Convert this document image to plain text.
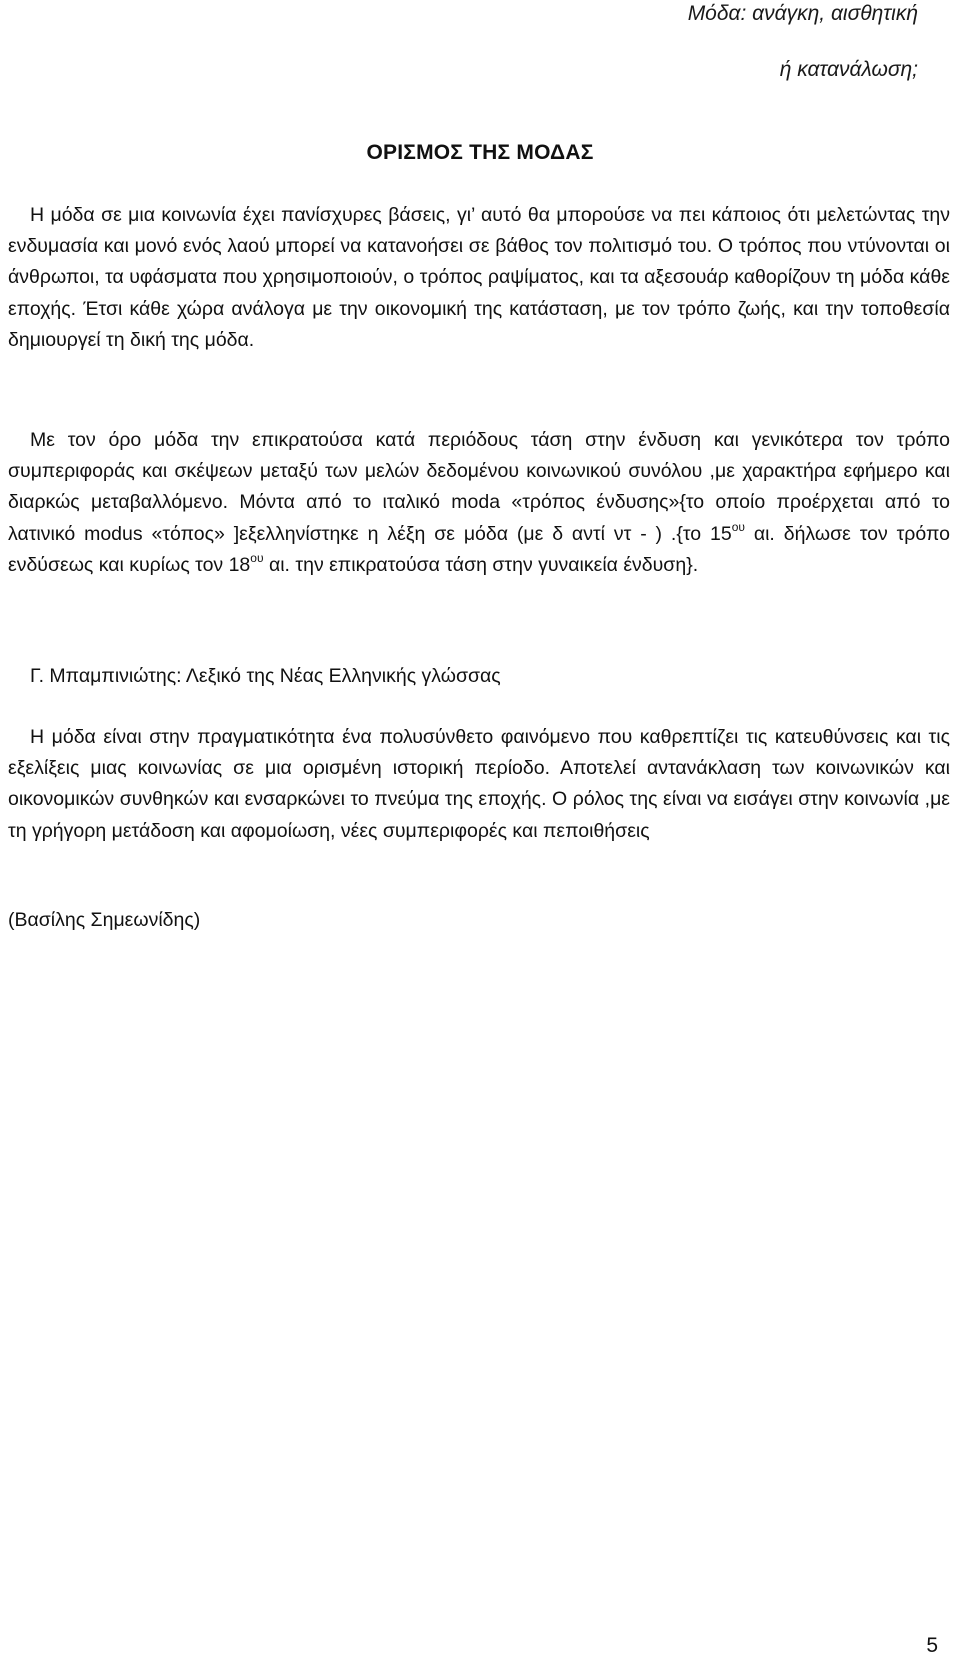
Μόδα: ανάγκη, αισθητική
ή κατανάλωση;
ΟΡΙΣΜΟΣ ΤΗΣ ΜΟΔΑΣ

Η μόδα σε μια κοινωνία έχει πανίσχυρες βάσεις, γι’ αυτό θα μπορούσε να πει κάποιος ότι μελετώντας την ενδυμασία και μονό ενός λαού μπορεί να κατανοήσει σε βάθος τον πολιτισμό του. Ο τρόπος που ντύνονται οι άνθρωποι, τα υφάσματα που χρησιμοποιούν, ο τρόπος ραψίματος, και τα αξεσουάρ καθορίζουν τη μόδα κάθε εποχής. Έτσι κάθε χώρα ανάλογα με την οικονομική της κατάσταση, με τον τρόπο ζωής, και την τοποθεσία δημιουργεί τη δική της μόδα.

Με τον όρο μόδα την επικρατούσα κατά περιόδους τάση στην ένδυση και γενικότερα τον τρόπο συμπεριφοράς και σκέψεων μεταξύ των μελών δεδομένου κοινωνικού συνόλου ,με χαρακτήρα εφήμερο και διαρκώς μεταβαλλόμενο. Μόντα από το ιταλικό moda «τρόπος ένδυσης»{το οποίο προέρχεται από το λατινικό modus «τόπος» ]εξελληνίστηκε η λέξη σε μόδα (με δ αντί ντ - ) .{το $15^{o\upsilon}$ αι. δήλωσε τον τρόπο ενδύσεως και κυρίως τον $18^{o\upsilon}$ αι. την επικρατούσα τάση στην γυναικεία ένδυση}.

Γ. Μπαμπινιώτης: Λεξικό της Νέας Ελληνικής γλώσσας

Η μόδα είναι στην πραγματικότητα ένα πολυσύνθετο φαινόμενο που καθρεπτίζει τις κατευθύνσεις και τις εξελίξεις μιας κοινωνίας σε μια ορισμένη ιστορική περίοδο. Αποτελεί αντανάκλαση των κοινωνικών και οικονομικών συνθηκών και ενσαρκώνει το πνεύμα της εποχής. Ο ρόλος της είναι να εισάγει στην κοινωνία ,με τη γρήγορη μετάδοση και αφομοίωση, νέες συμπεριφορές και πεποιθήσεις

(Βασίλης Σημεωνίδης)

5
